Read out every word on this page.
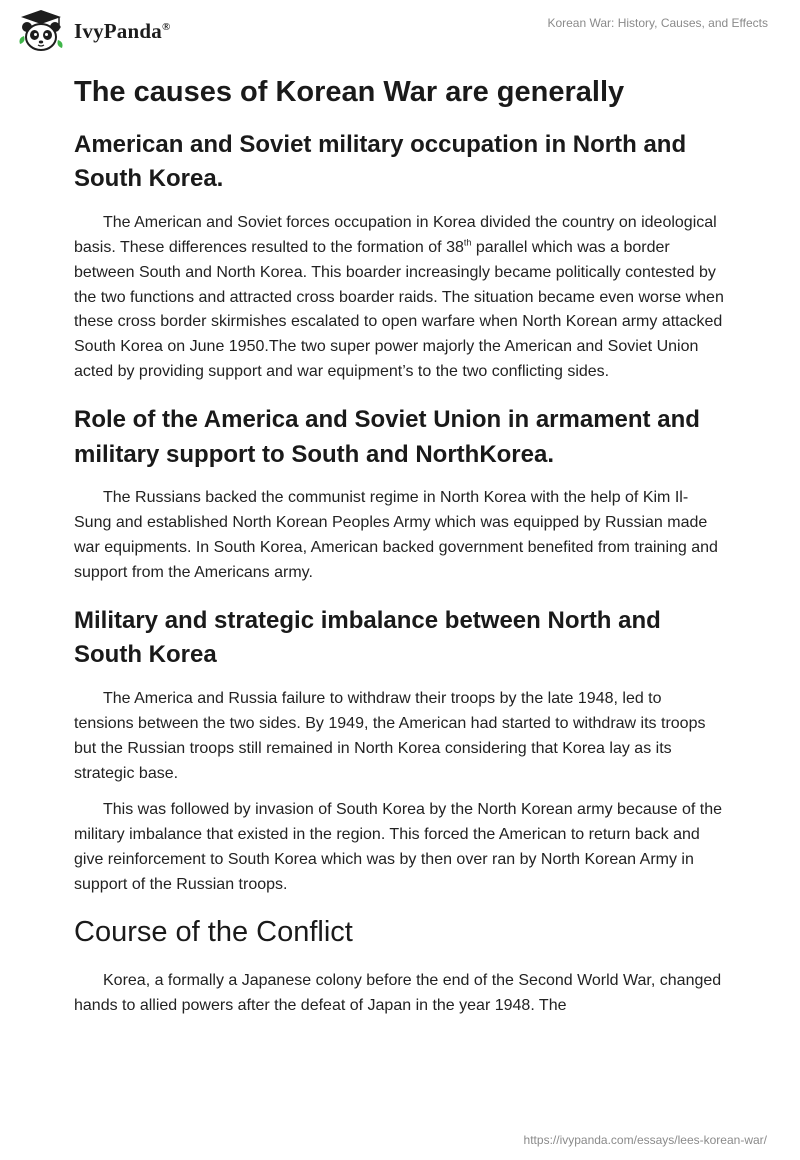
IvyPanda®	Korean War: History, Causes, and Effects
The causes of Korean War are generally
American and Soviet military occupation in North and South Korea.

The American and Soviet forces occupation in Korea divided the country on ideological basis. These differences resulted to the formation of 38th parallel which was a border between South and North Korea. This boarder increasingly became politically contested by the two functions and attracted cross boarder raids. The situation became even worse when these cross border skirmishes escalated to open warfare when North Korean army attacked South Korea on June 1950.The two super power majorly the American and Soviet Union acted by providing support and war equipment’s to the two conflicting sides.

Role of the America and Soviet Union in armament and military support to South and NorthKorea.

The Russians backed the communist regime in North Korea with the help of Kim Il-Sung and established North Korean Peoples Army which was equipped by Russian made war equipments. In South Korea, American backed government benefited from training and support from the Americans army.

Military and strategic imbalance between North and South Korea

The America and Russia failure to withdraw their troops by the late 1948, led to tensions between the two sides. By 1949, the American had started to withdraw its troops but the Russian troops still remained in North Korea considering that Korea lay as its strategic base.

This was followed by invasion of South Korea by the North Korean army because of the military imbalance that existed in the region. This forced the American to return back and give reinforcement to South Korea which was by then over ran by North Korean Army in support of the Russian troops.

Course of the Conflict

Korea, a formally a Japanese colony before the end of the Second World War, changed hands to allied powers after the defeat of Japan in the year 1948. The

https://ivypanda.com/essays/lees-korean-war/
